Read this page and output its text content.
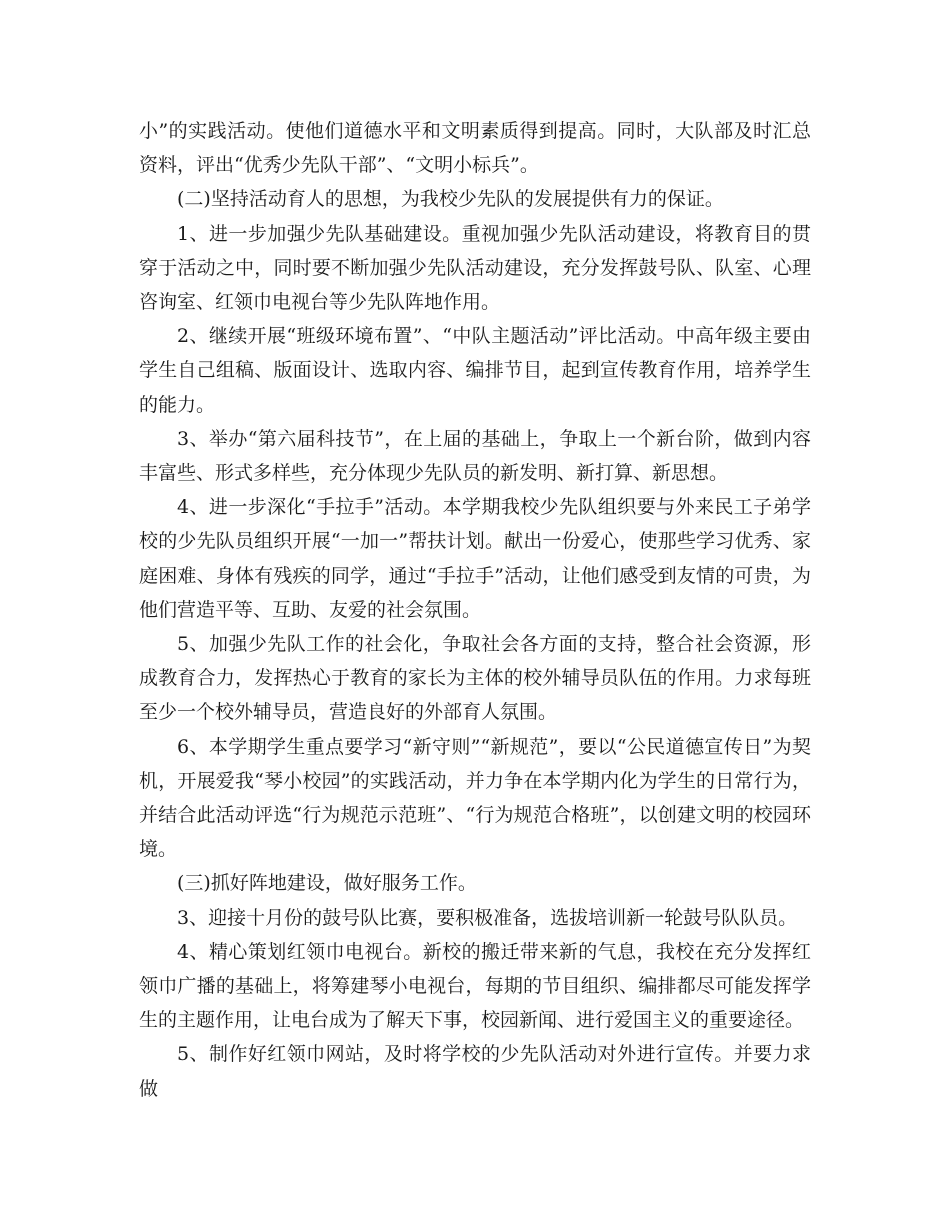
小”的实践活动。使他们道德水平和文明素质得到提高。同时，大队部及时汇总资料，评出“优秀少先队干部”、“文明小标兵”。

(二)坚持活动育人的思想，为我校少先队的发展提供有力的保证。

1、进一步加强少先队基础建设。重视加强少先队活动建设，将教育目的贯穿于活动之中，同时要不断加强少先队活动建设，充分发挥鼓号队、队室、心理咨询室、红领巾电视台等少先队阵地作用。

2、继续开展“班级环境布置”、“中队主题活动”评比活动。中高年级主要由学生自己组稿、版面设计、选取内容、编排节目，起到宣传教育作用，培养学生的能力。

3、举办“第六届科技节”，在上届的基础上，争取上一个新台阶，做到内容丰富些、形式多样些，充分体现少先队员的新发明、新打算、新思想。

4、进一步深化“手拉手”活动。本学期我校少先队组织要与外来民工子弟学校的少先队员组织开展“一加一”帮扶计划。献出一份爱心，使那些学习优秀、家庭困难、身体有残疾的同学，通过“手拉手”活动，让他们感受到友情的可贵，为他们营造平等、互助、友爱的社会氛围。

5、加强少先队工作的社会化，争取社会各方面的支持，整合社会资源，形成教育合力，发挥热心于教育的家长为主体的校外辅导员队伍的作用。力求每班至少一个校外辅导员，营造良好的外部育人氛围。

6、本学期学生重点要学习“新守则”“新规范”，要以“公民道德宣传日”为契机，开展爱我“琴小校园”的实践活动，并力争在本学期内化为学生的日常行为，并结合此活动评选“行为规范示范班”、“行为规范合格班”，以创建文明的校园环境。

(三)抓好阵地建设，做好服务工作。

3、迎接十月份的鼓号队比赛，要积极准备，选拔培训新一轮鼓号队队员。

4、精心策划红领巾电视台。新校的搬迁带来新的气息，我校在充分发挥红领巾广播的基础上，将筹建琴小电视台，每期的节目组织、编排都尽可能发挥学生的主题作用，让电台成为了解天下事，校园新闻、进行爱国主义的重要途径。

5、制作好红领巾网站，及时将学校的少先队活动对外进行宣传。并要力求做
